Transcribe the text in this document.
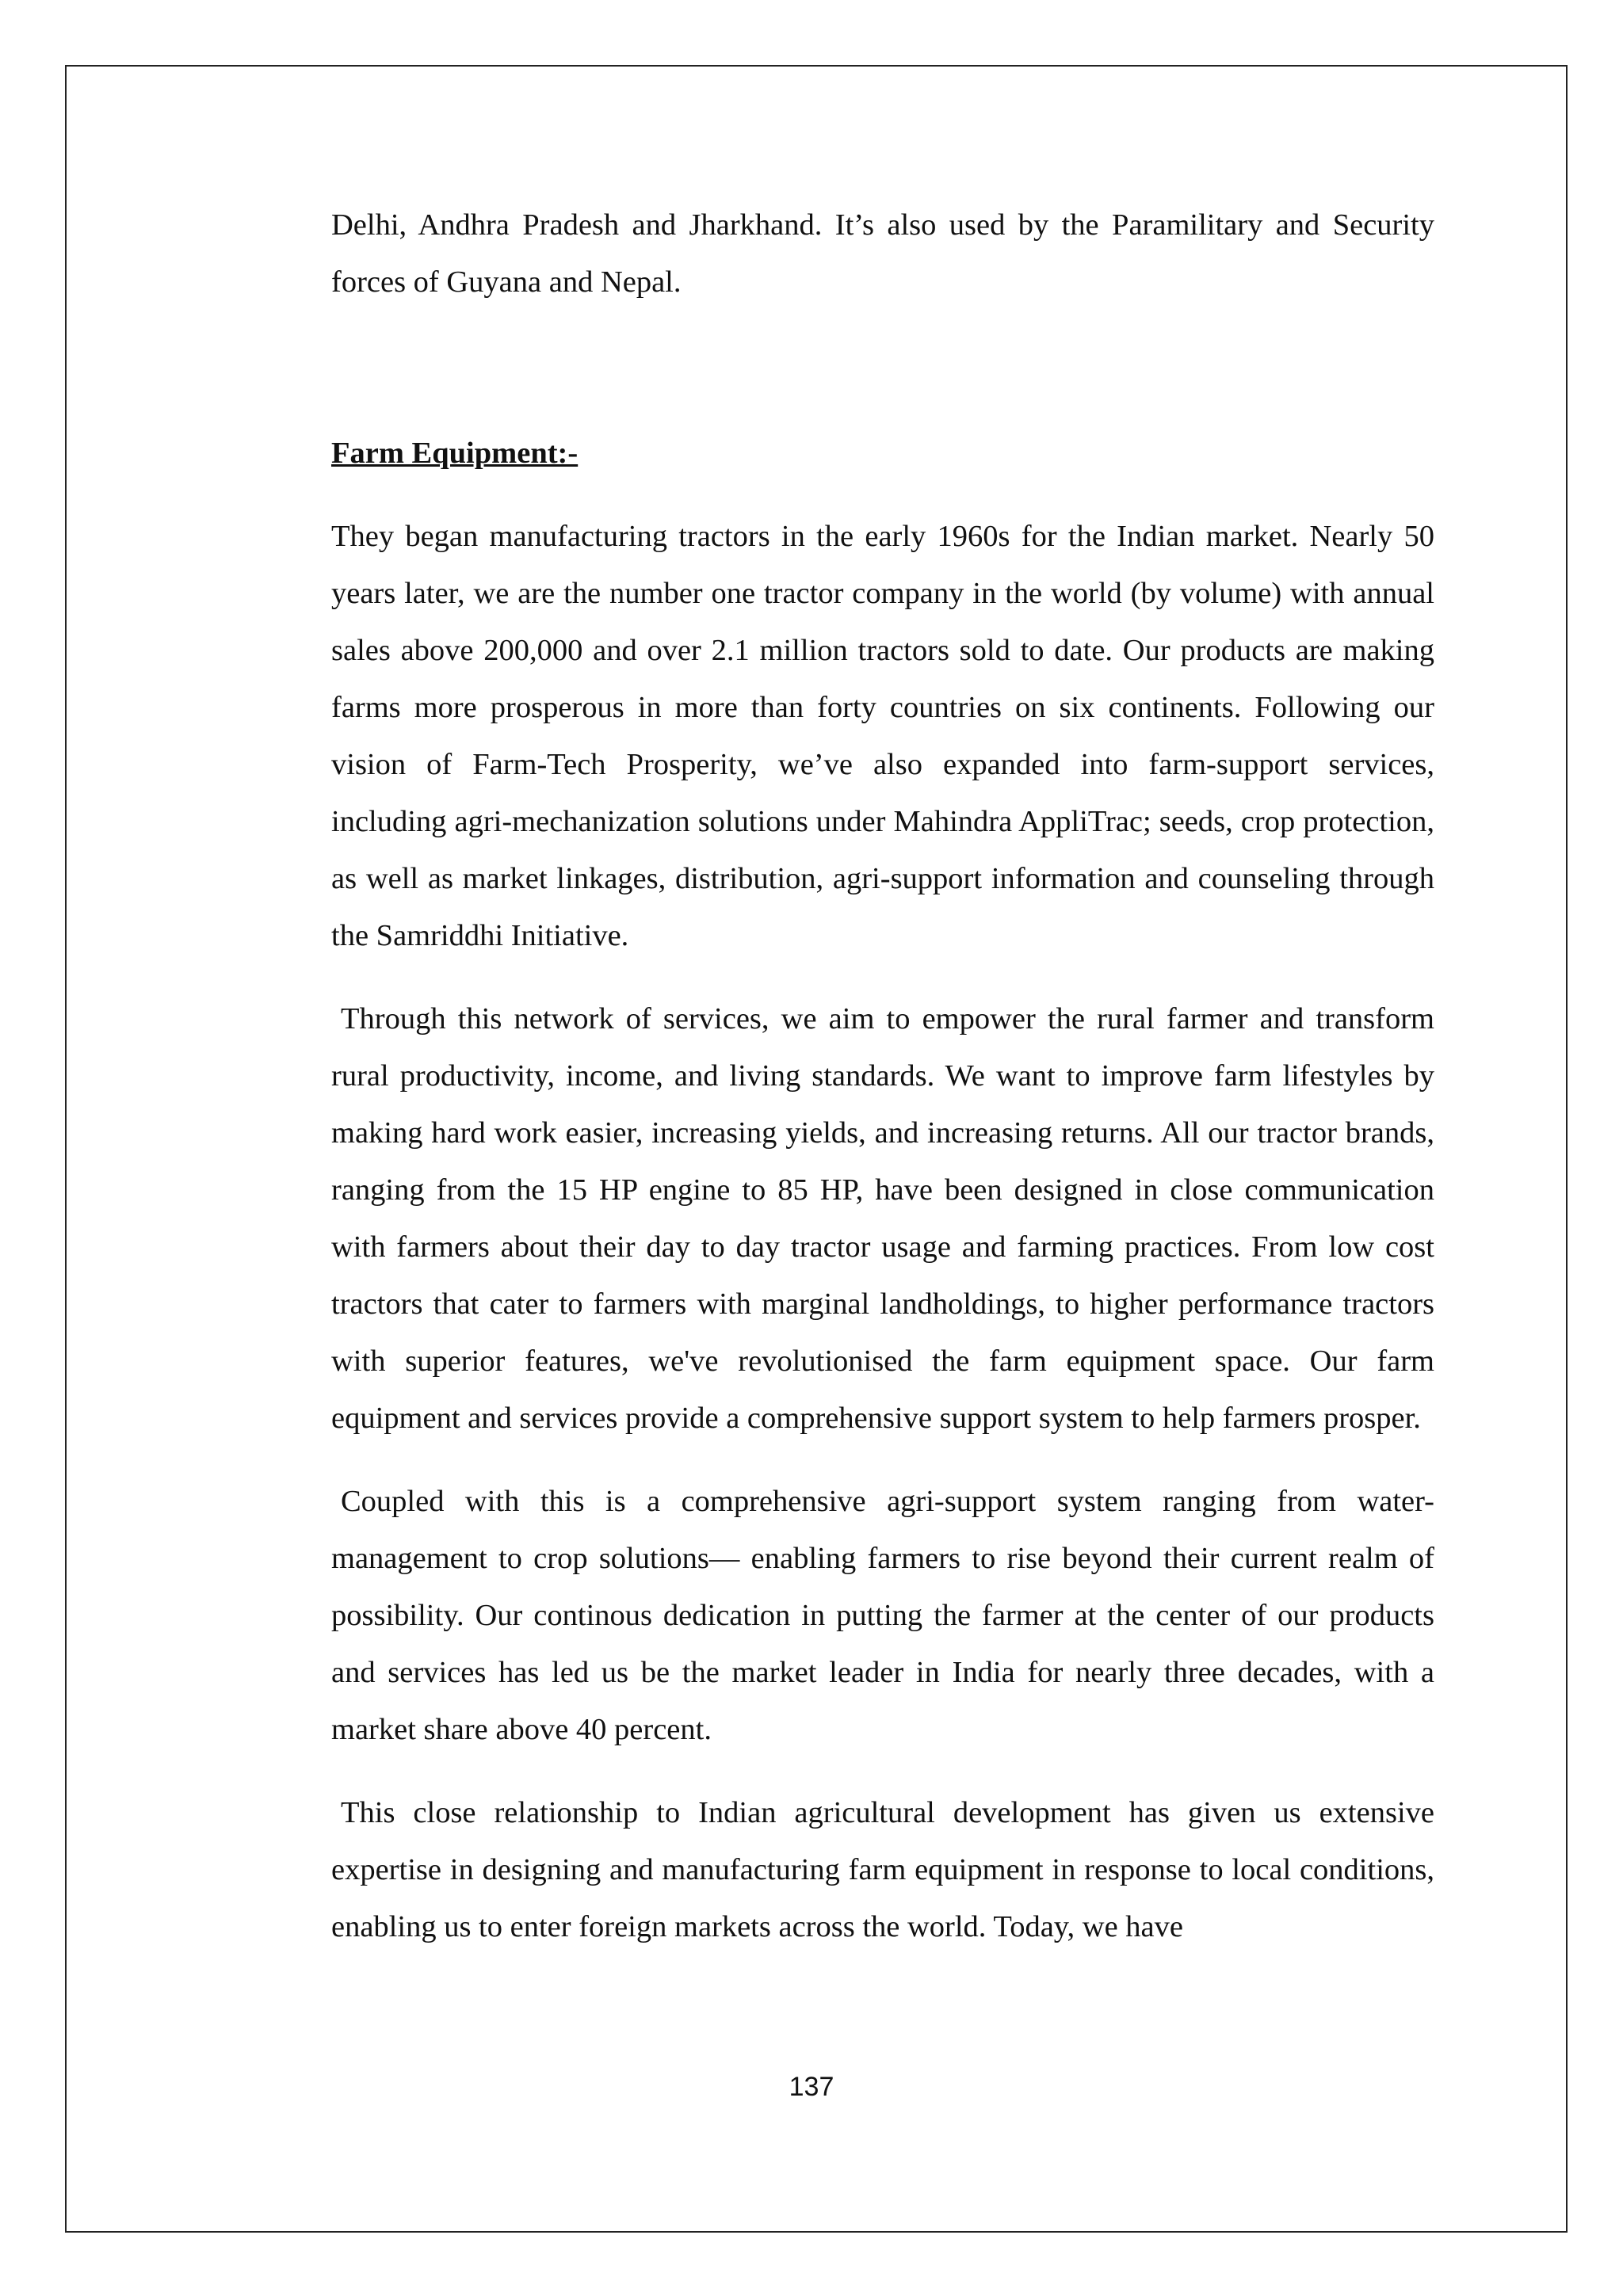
Delhi, Andhra Pradesh and Jharkhand. It’s also used by the Paramilitary and Security forces of Guyana and Nepal.

Farm Equipment:-

They began manufacturing tractors in the early 1960s for the Indian market. Nearly 50 years later, we are the number one tractor company in the world (by volume) with annual sales above 200,000 and over 2.1 million tractors sold to date. Our products are making farms more prosperous in more than forty countries on six continents. Following our vision of Farm-Tech Prosperity, we’ve also expanded into farm-support services, including agri-mechanization solutions under Mahindra AppliTrac; seeds, crop protection, as well as market linkages, distribution, agri-support information and counseling through the Samriddhi Initiative.

Through this network of services, we aim to empower the rural farmer and transform rural productivity, income, and living standards. We want to improve farm lifestyles by making hard work easier, increasing yields, and increasing returns. All our tractor brands, ranging from the 15 HP engine to 85 HP, have been designed in close communication with farmers about their day to day tractor usage and farming practices. From low cost tractors that cater to farmers with marginal landholdings, to higher performance tractors with superior features, we've revolutionised the farm equipment space. Our farm equipment and services provide a comprehensive support system to help farmers prosper.

Coupled with this is a comprehensive agri-support system ranging from water-management to crop solutions— enabling farmers to rise beyond their current realm of possibility. Our continous dedication in putting the farmer at the center of our products and services has led us be the market leader in India for nearly three decades, with a market share above 40 percent.

This close relationship to Indian agricultural development has given us extensive expertise in designing and manufacturing farm equipment in response to local conditions, enabling us to enter foreign markets across the world. Today, we have

137
